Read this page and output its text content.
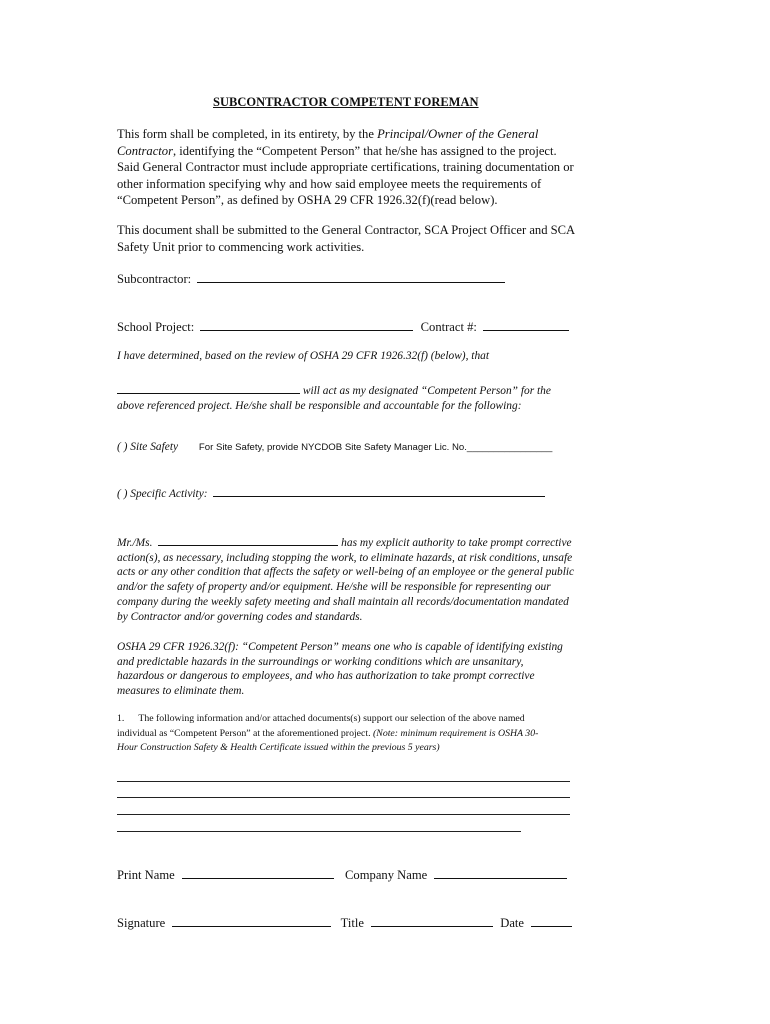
SUBCONTRACTOR COMPETENT FOREMAN
This form shall be completed, in its entirety, by the Principal/Owner of the General
Contractor, identifying the “Competent Person” that he/she has assigned to the project.
Said General Contractor must include appropriate certifications, training documentation or
other information specifying why and how said employee meets the requirements of
“Competent Person”, as defined by OSHA 29 CFR 1926.32(f)(read below).
This document shall be submitted to the General Contractor, SCA Project Officer and SCA
Safety Unit prior to commencing work activities.
Subcontractor:
School Project:	Contract #:
I have determined, based on the review of OSHA 29 CFR 1926.32(f) (below), that
will act as my designated “Competent Person” for the
above referenced project. He/she shall be responsible and accountable for the following:
( ) Site Safety For Site Safety, provide NYCDOB Site Safety Manager Lic. No.________________
( ) Specific Activity:
Mr./Ms.	has my explicit authority to take prompt corrective
action(s), as necessary, including stopping the work, to eliminate hazards, at risk conditions, unsafe
acts or any other condition that affects the safety or well-being of an employee or the general public
and/or the safety of property and/or equipment. He/she will be responsible for representing our
company during the weekly safety meeting and shall maintain all records/documentation mandated
by Contractor and/or governing codes and standards.
OSHA 29 CFR 1926.32(f): “Competent Person” means one who is capable of identifying existing
and predictable hazards in the surroundings or working conditions which are unsanitary,
hazardous or dangerous to employees, and who has authorization to take prompt corrective
measures to eliminate them.
1. The following information and/or attached documents(s) support our selection of the above named
individual as “Competent Person” at the aforementioned project. (Note: minimum requirement is OSHA 30-
Hour Construction Safety & Health Certificate issued within the previous 5 years)
Print Name	Company Name
Signature	Title	Date
